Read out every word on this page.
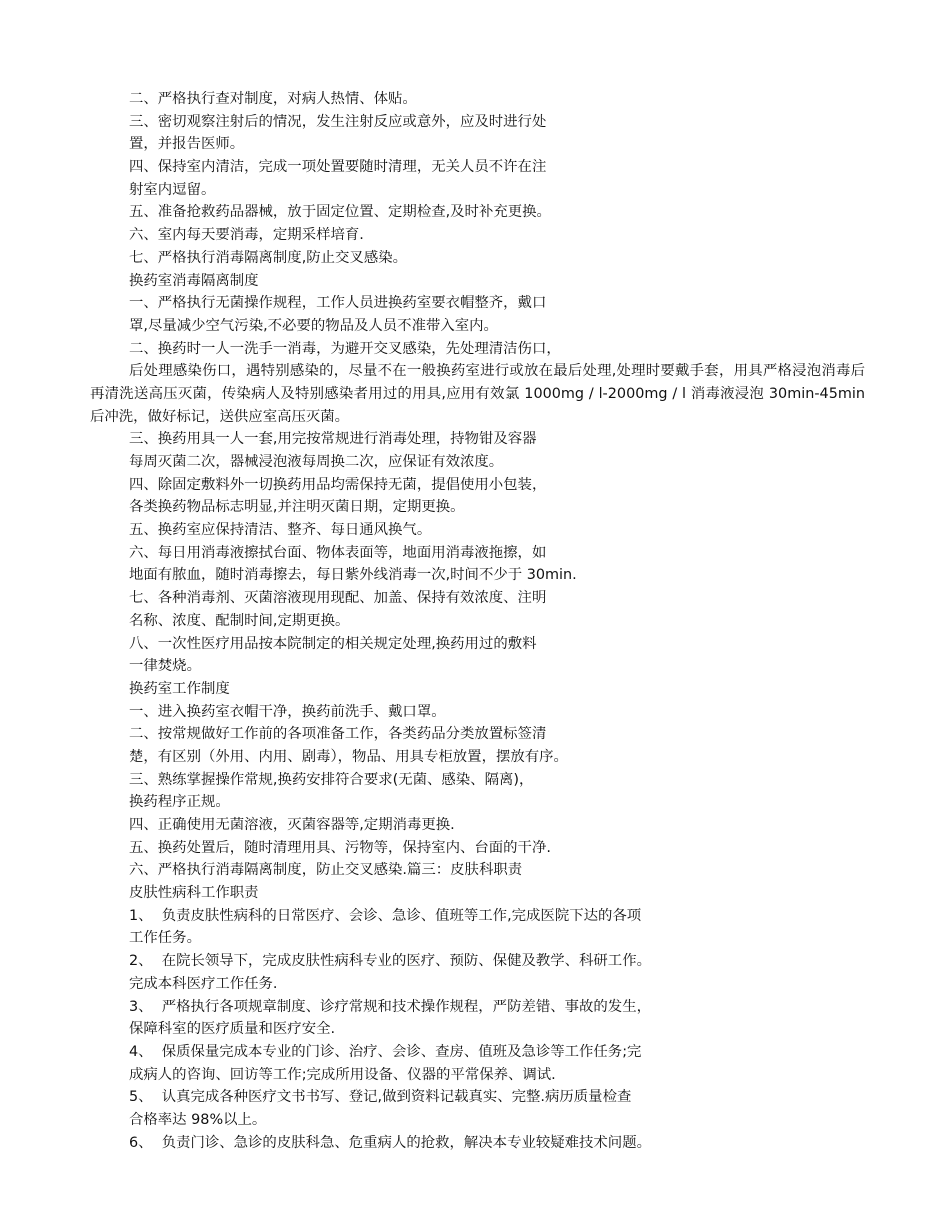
二、严格执行查对制度，对病人热情、体贴。

三、密切观察注射后的情况，发生注射反应或意外，应及时进行处

置，并报告医师。

四、保持室内清洁，完成一项处置要随时清理，无关人员不许在注

射室内逗留。

五、准备抢救药品器械，放于固定位置、定期检查,及时补充更换。

六、室内每天要消毒，定期采样培育.

七、严格执行消毒隔离制度,防止交叉感染。

换药室消毒隔离制度

一、严格执行无菌操作规程，工作人员进换药室要衣帽整齐，戴口

罩,尽量减少空气污染,不必要的物品及人员不准带入室内。

二、换药时一人一洗手一消毒，为避开交叉感染，先处理清洁伤口，

后处理感染伤口，遇特别感染的，尽量不在一般换药室进行或放在最后处理,处理时要戴手套，用具严格浸泡消毒后再清洗送高压灭菌，传染病人及特别感染者用过的用具,应用有效氯 1000mg / l-2000mg / l 消毒液浸泡 30min-45min 后冲洗，做好标记，送供应室高压灭菌。

三、换药用具一人一套,用完按常规进行消毒处理，持物钳及容器

每周灭菌二次，器械浸泡液每周换二次，应保证有效浓度。

四、除固定敷料外一切换药用品均需保持无菌，提倡使用小包装，

各类换药物品标志明显,并注明灭菌日期，定期更换。

五、换药室应保持清洁、整齐、每日通风换气。

六、每日用消毒液擦拭台面、物体表面等，地面用消毒液拖擦，如

地面有脓血，随时消毒擦去，每日紫外线消毒一次,时间不少于 30min.

七、各种消毒剂、灭菌溶液现用现配、加盖、保持有效浓度、注明

名称、浓度、配制时间,定期更换。

八、一次性医疗用品按本院制定的相关规定处理,换药用过的敷料

一律焚烧。

换药室工作制度

一、进入换药室衣帽干净，换药前洗手、戴口罩。

二、按常规做好工作前的各项准备工作，各类药品分类放置标签清

楚，有区别（外用、内用、剧毒），物品、用具专柜放置，摆放有序。

三、熟练掌握操作常规,换药安排符合要求(无菌、感染、隔离)，

换药程序正规。

四、正确使用无菌溶液，灭菌容器等,定期消毒更换.

五、换药处置后，随时清理用具、污物等，保持室内、台面的干净.

六、严格执行消毒隔离制度，防止交叉感染.篇三：皮肤科职责

皮肤性病科工作职责

1、  负责皮肤性病科的日常医疗、会诊、急诊、值班等工作,完成医院下达的各项

工作任务。

2、  在院长领导下，完成皮肤性病科专业的医疗、预防、保健及教学、科研工作。

完成本科医疗工作任务.

3、  严格执行各项规章制度、诊疗常规和技术操作规程，严防差错、事故的发生，

保障科室的医疗质量和医疗安全.

4、  保质保量完成本专业的门诊、治疗、会诊、查房、值班及急诊等工作任务;完

成病人的咨询、回访等工作;完成所用设备、仪器的平常保养、调试.

5、  认真完成各种医疗文书书写、登记,做到资料记载真实、完整.病历质量检查

合格率达 98%以上。

6、  负责门诊、急诊的皮肤科急、危重病人的抢救，解决本专业较疑难技术问题。
